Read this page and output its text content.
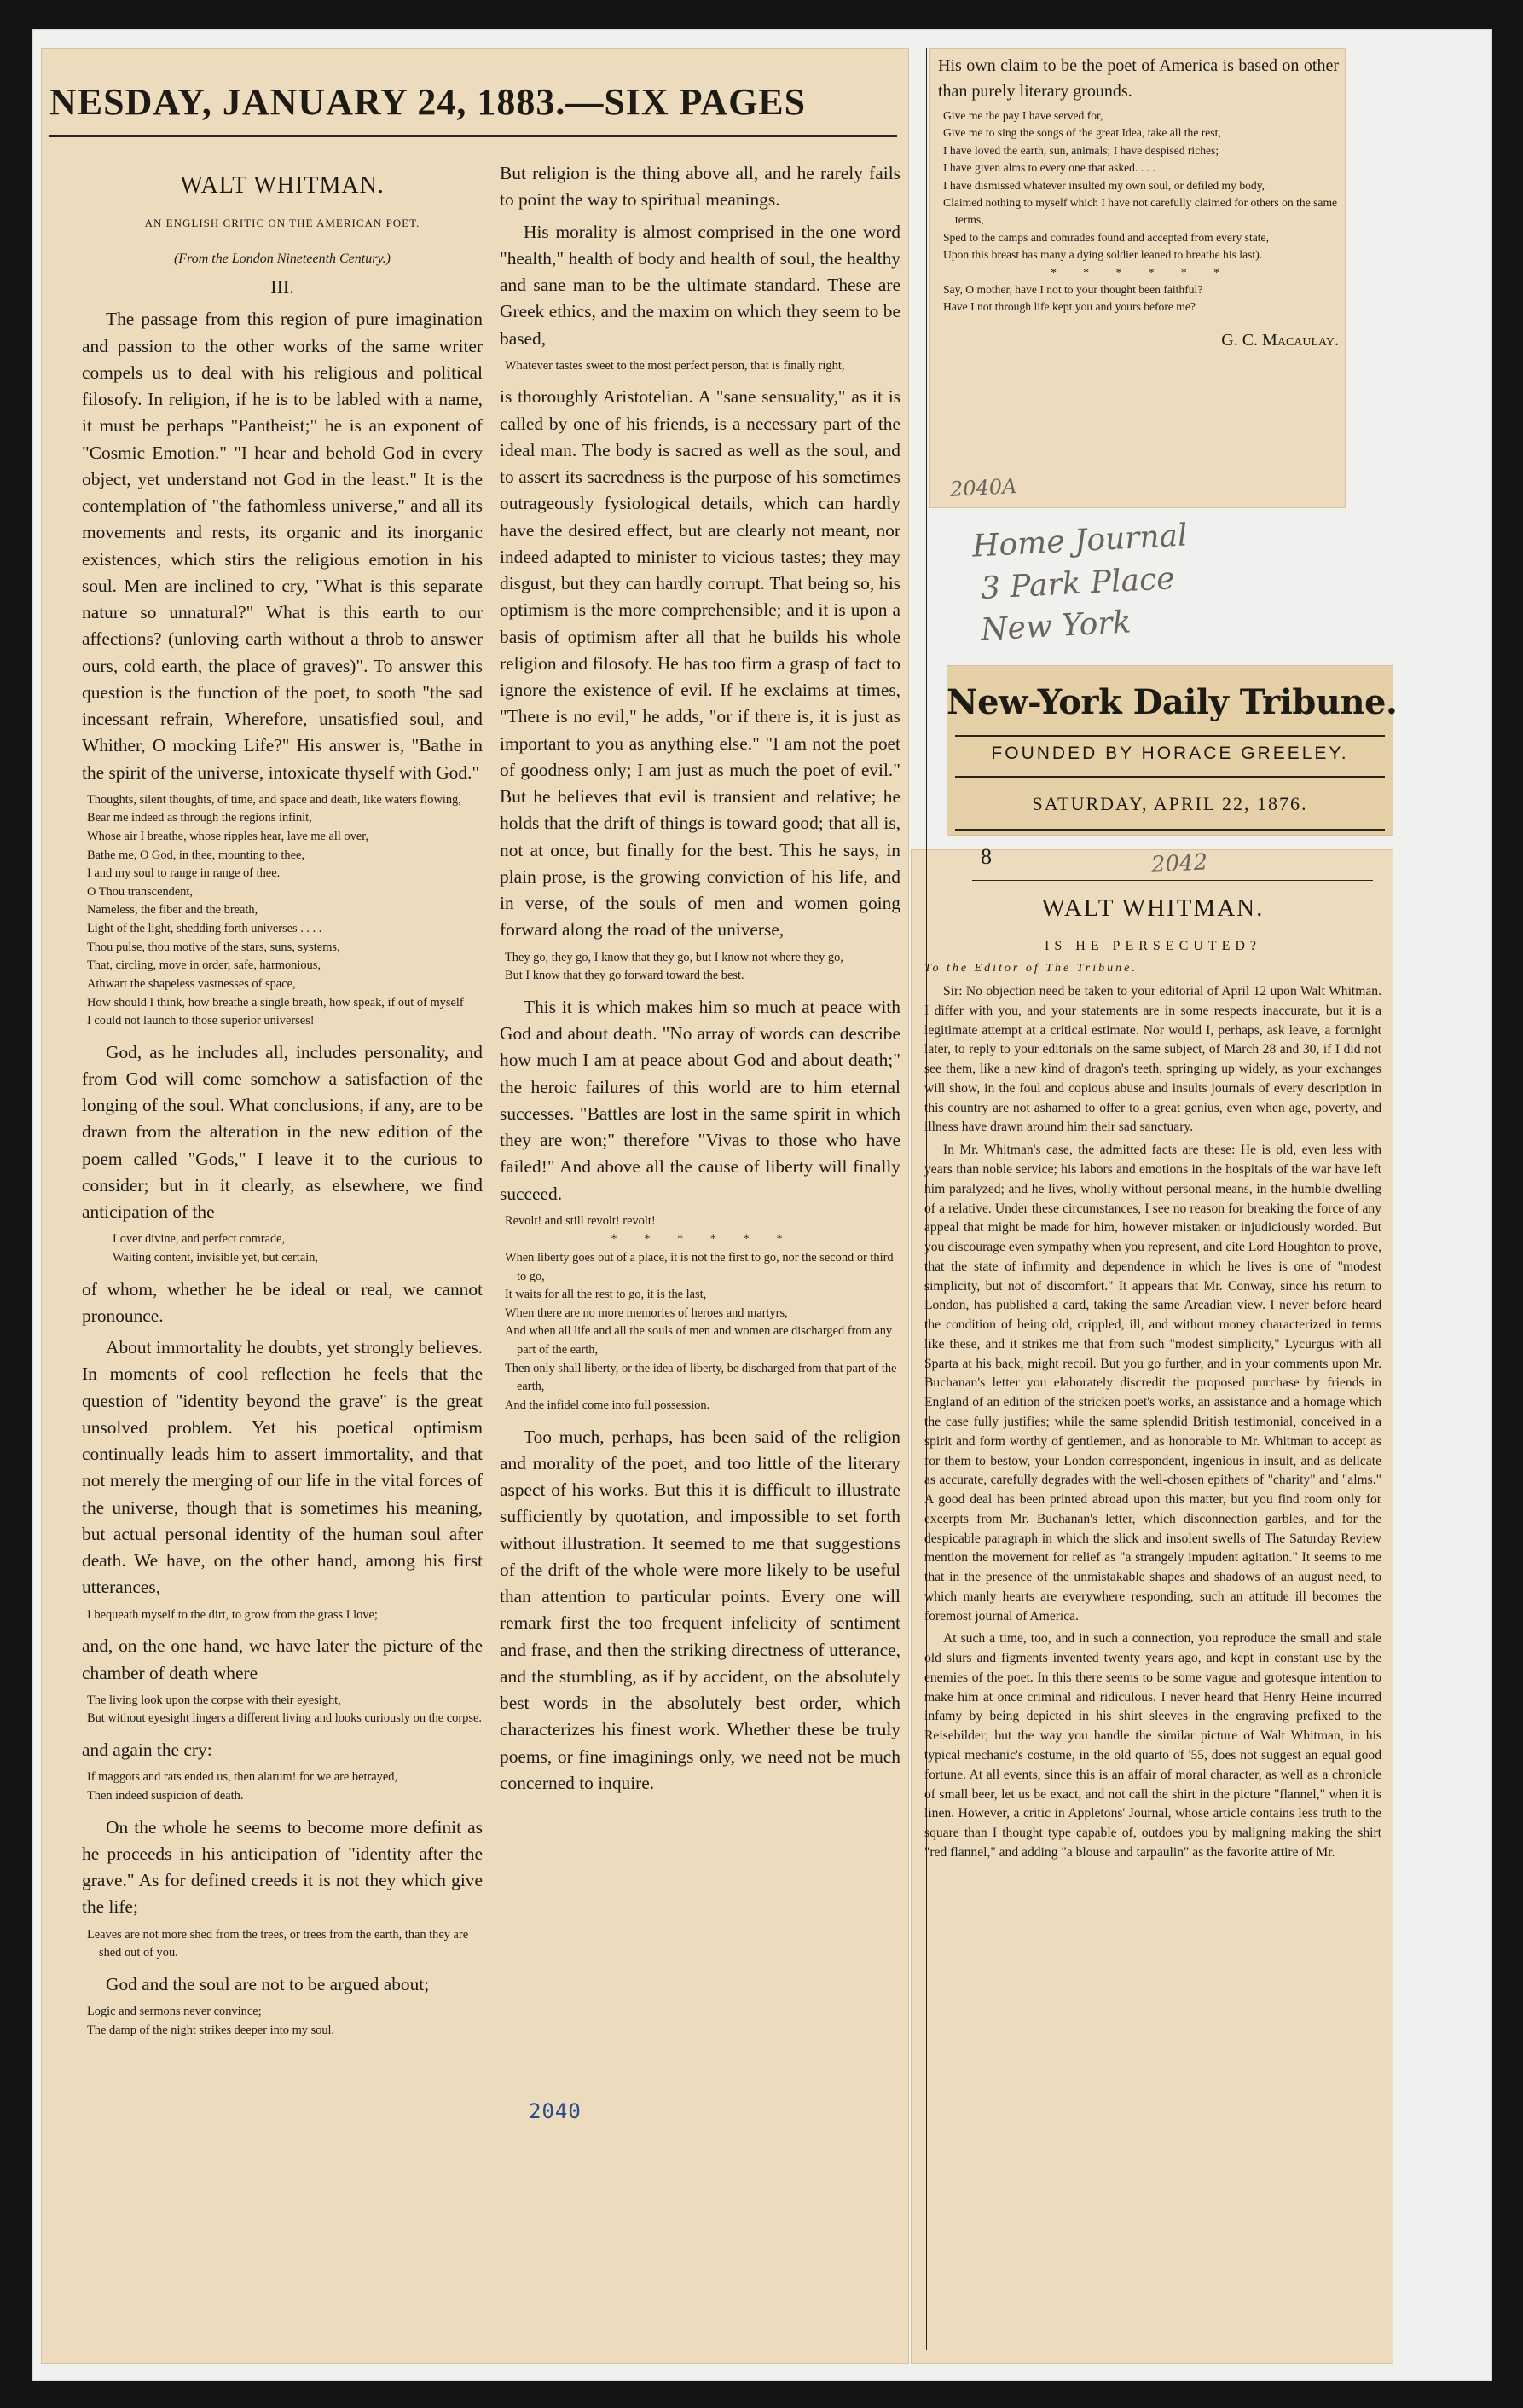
NESDAY, JANUARY 24, 1883.—SIX PAGES
WALT WHITMAN.
AN ENGLISH CRITIC ON THE AMERICAN POET.
(From the London Nineteenth Century.)
III.

The passage from this region of pure imagination and passion to the other works of the same writer compels us to deal with his religious and political filosofy. In religion, if he is to be labled with a name, it must be perhaps "Pantheist;" he is an exponent of "Cosmic Emotion." "I hear and behold God in every object, yet understand not God in the least." It is the contemplation of "the fathomless universe," and all its movements and rests, its organic and its inorganic existences, which stirs the religious emotion in his soul. Men are inclined to cry, "What is this separate nature so unnatural?" What is this earth to our affections? (unloving earth without a throb to answer ours, cold earth, the place of graves)". To answer this question is the function of the poet, to sooth "the sad incessant refrain, Wherefore, unsatisfied soul, and Whither, O mocking Life?" His answer is, "Bathe in the spirit of the universe, intoxicate thyself with God."

Thoughts, silent thoughts, of time, and space and death, like waters flowing,
Bear me indeed as through the regions infinit,
Whose air I breathe, whose ripples hear, lave me all over,
Bathe me, O God, in thee, mounting to thee,
I and my soul to range in range of thee.
O Thou transcendent,
Nameless, the fiber and the breath,
Light of the light, shedding forth universes . . . .
Thou pulse, thou motive of the stars, suns, systems,
That, circling, move in order, safe, harmonious,
Athwart the shapeless vastnesses of space,
How should I think, how breathe a single breath, how speak, if out of myself
I could not launch to those superior universes!

God, as he includes all, includes personality, and from God will come somehow a satisfaction of the longing of the soul. What conclusions, if any, are to be drawn from the alteration in the new edition of the poem called "Gods," I leave it to the curious to consider; but in it clearly, as elsewhere, we find anticipation of the

Lover divine, and perfect comrade,
Waiting content, invisible yet, but certain,

of whom, whether he be ideal or real, we cannot pronounce.

About immortality he doubts, yet strongly believes. In moments of cool reflection he feels that the question of "identity beyond the grave" is the great unsolved problem. Yet his poetical optimism continually leads him to assert immortality, and that not merely the merging of our life in the vital forces of the universe, though that is sometimes his meaning, but actual personal identity of the human soul after death. We have, on the other hand, among his first utterances,

I bequeath myself to the dirt, to grow from the grass I love;

and, on the one hand, we have later the picture of the chamber of death where

The living look upon the corpse with their eyesight,
But without eyesight lingers a different living and looks curiously on the corpse.

and again the cry:

If maggots and rats ended us, then alarum! for we are betrayed,
Then indeed suspicion of death.

On the whole he seems to become more definit as he proceeds in his anticipation of "identity after the grave." As for defined creeds it is not they which give the life;

Leaves are not more shed from the trees, or trees from the earth, than they are shed out of you.

God and the soul are not to be argued about;

Logic and sermons never convince;
The damp of the night strikes deeper into my soul.

But religion is the thing above all, and he rarely fails to point the way to spiritual meanings.

His morality is almost comprised in the one word "health," health of body and health of soul, the healthy and sane man to be the ultimate standard. These are Greek ethics, and the maxim on which they seem to be based,

Whatever tastes sweet to the most perfect person, that is finally right,

is thoroughly Aristotelian. A "sane sensuality," as it is called by one of his friends, is a necessary part of the ideal man. The body is sacred as well as the soul, and to assert its sacredness is the purpose of his sometimes outrageously fysiological details, which can hardly have the desired effect, but are clearly not meant, nor indeed adapted to minister to vicious tastes; they may disgust, but they can hardly corrupt. That being so, his optimism is the more comprehensible; and it is upon a basis of optimism after all that he builds his whole religion and filosofy. He has too firm a grasp of fact to ignore the existence of evil. If he exclaims at times, "There is no evil," he adds, "or if there is, it is just as important to you as anything else." "I am not the poet of goodness only; I am just as much the poet of evil." But he believes that evil is transient and relative; he holds that the drift of things is toward good; that all is, not at once, but finally for the best. This he says, in plain prose, is the growing conviction of his life, and in verse, of the souls of men and women going forward along the road of the universe,

They go, they go, I know that they go, but I know not where they go,
But I know that they go forward toward the best.

This it is which makes him so much at peace with God and about death. "No array of words can describe how much I am at peace about God and about death;" the heroic failures of this world are to him eternal successes. "Battles are lost in the same spirit in which they are won;" therefore "Vivas to those who have failed!" And above all the cause of liberty will finally succeed.

Revolt! and still revolt! revolt!
* * * * * *
When liberty goes out of a place, it is not the first to go, nor the second or third to go,
It waits for all the rest to go, it is the last,
When there are no more memories of heroes and martyrs,
And when all life and all the souls of men and women are discharged from any part of the earth,
Then only shall liberty, or the idea of liberty, be discharged from that part of the earth,
And the infidel come into full possession.

Too much, perhaps, has been said of the religion and morality of the poet, and too little of the literary aspect of his works. But this it is difficult to illustrate sufficiently by quotation, and impossible to set forth without illustration. It seemed to me that suggestions of the drift of the whole were more likely to be useful than attention to particular points. Every one will remark first the too frequent infelicity of sentiment and frase, and then the striking directness of utterance, and the stumbling, as if by accident, on the absolutely best words in the absolutely best order, which characterizes his finest work. Whether these be truly poems, or fine imaginings only, we need not be much concerned to inquire.

2040

His own claim to be the poet of America is based on other than purely literary grounds.

Give me the pay I have served for,
Give me to sing the songs of the great Idea, take all the rest,
I have loved the earth, sun, animals; I have despised riches;
I have given alms to every one that asked. . . .
I have dismissed whatever insulted my own soul, or defiled my body,
Claimed nothing to myself which I have not carefully claimed for others on the same terms,
Sped to the camps and comrades found and accepted from every state,
Upon this breast has many a dying soldier leaned to breathe his last).
* * * * * *
Say, O mother, have I not to your thought been faithful?
Have I not through life kept you and yours before me?
G. C. Macaulay.
2040A
Home Journal
3 Park Place
New York
New-York Daily Tribune.
FOUNDED BY HORACE GREELEY.
SATURDAY, APRIL 22, 1876.
8	2042
WALT WHITMAN.
IS HE PERSECUTED?
To the Editor of The Tribune.

Sir: No objection need be taken to your editorial of April 12 upon Walt Whitman. I differ with you, and your statements are in some respects inaccurate, but it is a legitimate attempt at a critical estimate. Nor would I, perhaps, ask leave, a fortnight later, to reply to your editorials on the same subject, of March 28 and 30, if I did not see them, like a new kind of dragon's teeth, springing up widely, as your exchanges will show, in the foul and copious abuse and insults journals of every description in this country are not ashamed to offer to a great genius, even when age, poverty, and illness have drawn around him their sad sanctuary.

In Mr. Whitman's case, the admitted facts are these: He is old, even less with years than noble service; his labors and emotions in the hospitals of the war have left him paralyzed; and he lives, wholly without personal means, in the humble dwelling of a relative. Under these circumstances, I see no reason for breaking the force of any appeal that might be made for him, however mistaken or injudiciously worded. But you discourage even sympathy when you represent, and cite Lord Houghton to prove, that the state of infirmity and dependence in which he lives is one of "modest simplicity, but not of discomfort." It appears that Mr. Conway, since his return to London, has published a card, taking the same Arcadian view. I never before heard the condition of being old, crippled, ill, and without money characterized in terms like these, and it strikes me that from such "modest simplicity," Lycurgus with all Sparta at his back, might recoil. But you go further, and in your comments upon Mr. Buchanan's letter you elaborately discredit the proposed purchase by friends in England of an edition of the stricken poet's works, an assistance and a homage which the case fully justifies; while the same splendid British testimonial, conceived in a spirit and form worthy of gentlemen, and as honorable to Mr. Whitman to accept as for them to bestow, your London correspondent, ingenious in insult, and as delicate as accurate, carefully degrades with the well-chosen epithets of "charity" and "alms." A good deal has been printed abroad upon this matter, but you find room only for excerpts from Mr. Buchanan's letter, which disconnection garbles, and for the despicable paragraph in which the slick and insolent swells of The Saturday Review mention the movement for relief as "a strangely impudent agitation." It seems to me that in the presence of the unmistakable shapes and shadows of an august need, to which manly hearts are everywhere responding, such an attitude ill becomes the foremost journal of America.

At such a time, too, and in such a connection, you reproduce the small and stale old slurs and figments invented twenty years ago, and kept in constant use by the enemies of the poet. In this there seems to be some vague and grotesque intention to make him at once criminal and ridiculous. I never heard that Henry Heine incurred infamy by being depicted in his shirt sleeves in the engraving prefixed to the Reisebilder; but the way you handle the similar picture of Walt Whitman, in his typical mechanic's costume, in the old quarto of '55, does not suggest an equal good fortune. At all events, since this is an affair of moral character, as well as a chronicle of small beer, let us be exact, and not call the shirt in the picture "flannel," when it is linen. However, a critic in Appletons' Journal, whose article contains less truth to the square than I thought type capable of, outdoes you by maligning making the shirt "red flannel," and adding "a blouse and tarpaulin" as the favorite attire of Mr.
